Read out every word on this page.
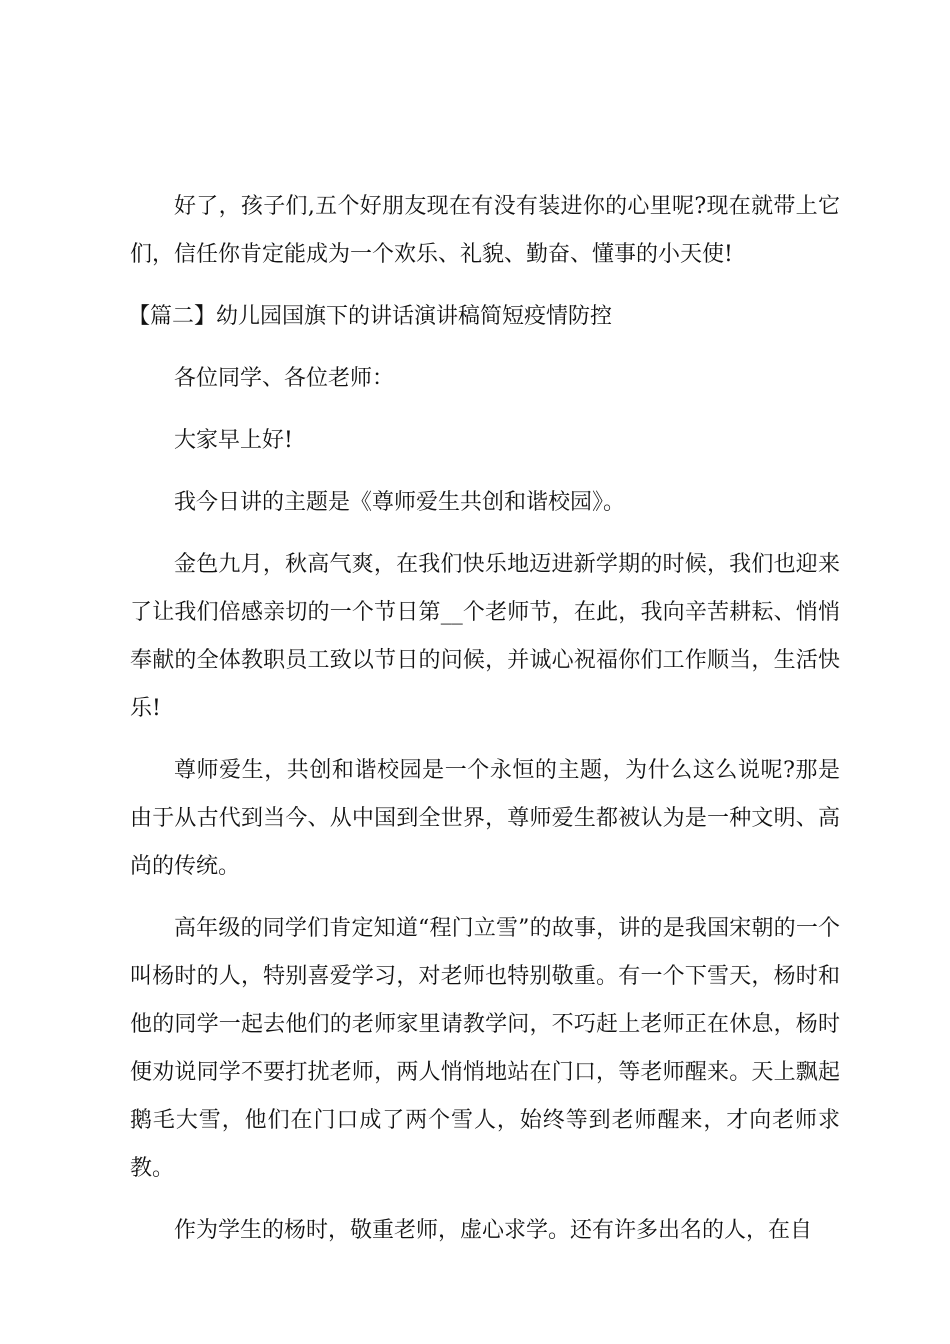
好了，孩子们,五个好朋友现在有没有装进你的心里呢?现在就带上它们，信任你肯定能成为一个欢乐、礼貌、勤奋、懂事的小天使!

【篇二】幼儿园国旗下的讲话演讲稿简短疫情防控

各位同学、各位老师：

大家早上好!

我今日讲的主题是《尊师爱生共创和谐校园》。

金色九月，秋高气爽，在我们快乐地迈进新学期的时候，我们也迎来了让我们倍感亲切的一个节日第__个老师节，在此，我向辛苦耕耘、悄悄奉献的全体教职员工致以节日的问候，并诚心祝福你们工作顺当，生活快乐!

尊师爱生，共创和谐校园是一个永恒的主题，为什么这么说呢?那是由于从古代到当今、从中国到全世界，尊师爱生都被认为是一种文明、高尚的传统。

高年级的同学们肯定知道“程门立雪”的故事，讲的是我国宋朝的一个叫杨时的人，特别喜爱学习，对老师也特别敬重。有一个下雪天，杨时和他的同学一起去他们的老师家里请教学问，不巧赶上老师正在休息，杨时便劝说同学不要打扰老师，两人悄悄地站在门口，等老师醒来。天上飘起鹅毛大雪，他们在门口成了两个雪人，始终等到老师醒来，才向老师求教。

作为学生的杨时，敬重老师，虚心求学。还有许多出名的人，在自
